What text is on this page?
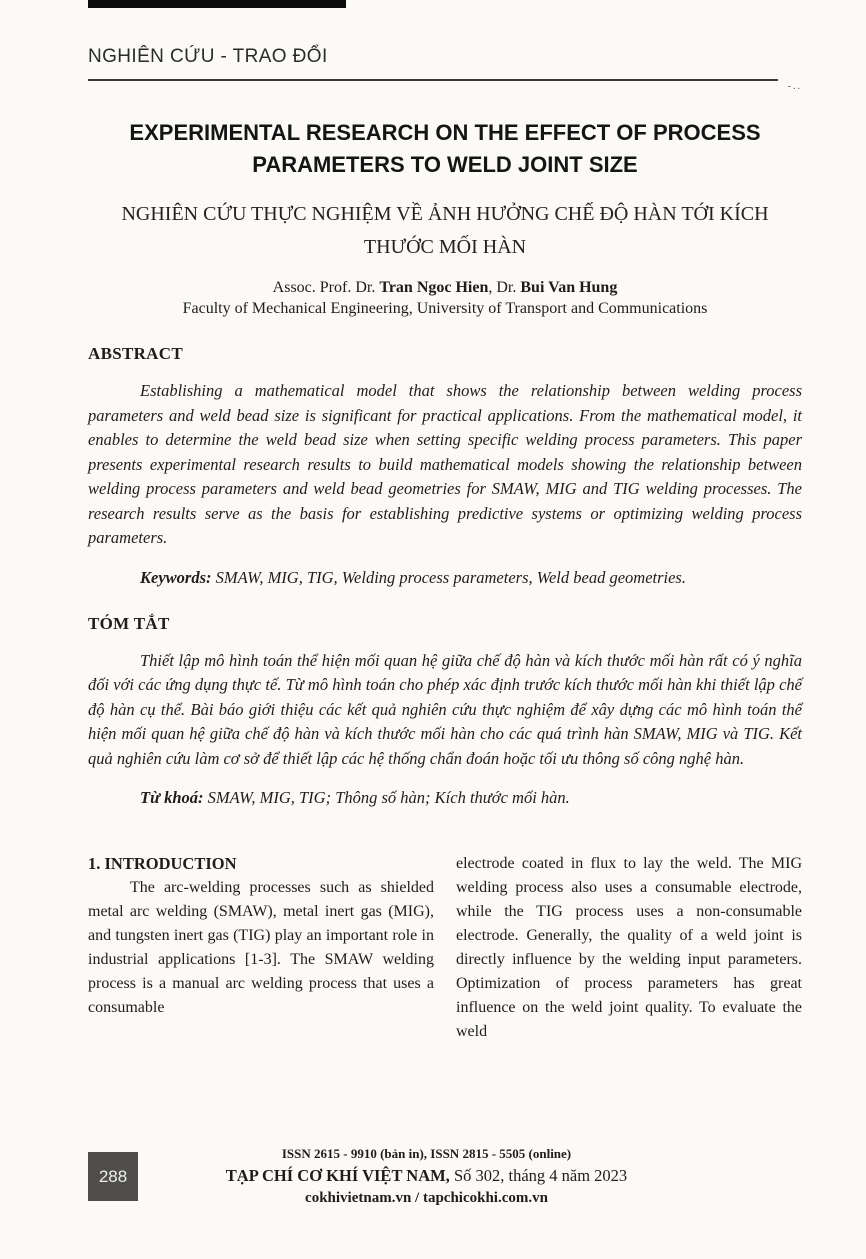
NGHIÊN CỨU - TRAO ĐỔI
-..
EXPERIMENTAL RESEARCH ON THE EFFECT OF PROCESS PARAMETERS TO WELD JOINT SIZE
NGHIÊN CỨU THỰC NGHIỆM VỀ ẢNH HƯỞNG CHẾ ĐỘ HÀN TỚI KÍCH THƯỚC MỐI HÀN
Assoc. Prof. Dr. Tran Ngoc Hien, Dr. Bui Van Hung
Faculty of Mechanical Engineering, University of Transport and Communications
ABSTRACT

Establishing a mathematical model that shows the relationship between welding process parameters and weld bead size is significant for practical applications. From the mathematical model, it enables to determine the weld bead size when setting specific welding process parameters. This paper presents experimental research results to build mathematical models showing the relationship between welding process parameters and weld bead geometries for SMAW, MIG and TIG welding processes. The research results serve as the basis for establishing predictive systems or optimizing welding process parameters.

Keywords: SMAW, MIG, TIG, Welding process parameters, Weld bead geometries.
TÓM TẮT

Thiết lập mô hình toán thể hiện mối quan hệ giữa chế độ hàn và kích thước mối hàn rất có ý nghĩa đối với các ứng dụng thực tế. Từ mô hình toán cho phép xác định trước kích thước mối hàn khi thiết lập chế độ hàn cụ thể. Bài báo giới thiệu các kết quả nghiên cứu thực nghiệm để xây dựng các mô hình toán thể hiện mối quan hệ giữa chế độ hàn và kích thước mối hàn cho các quá trình hàn SMAW, MIG và TIG. Kết quả nghiên cứu làm cơ sở để thiết lập các hệ thống chẩn đoán hoặc tối ưu thông số công nghệ hàn.

Từ khoá: SMAW, MIG, TIG; Thông số hàn; Kích thước mối hàn.

1. INTRODUCTION

The arc-welding processes such as shielded metal arc welding (SMAW), metal inert gas (MIG), and tungsten inert gas (TIG) play an important role in industrial applications [1-3]. The SMAW welding process is a manual arc welding process that uses a consumable

electrode coated in flux to lay the weld. The MIG welding process also uses a consumable electrode, while the TIG process uses a non-consumable electrode. Generally, the quality of a weld joint is directly influence by the welding input parameters. Optimization of process parameters has great influence on the weld joint quality. To evaluate the weld

288
ISSN 2615 - 9910 (bản in), ISSN 2815 - 5505 (online)
TẠP CHÍ CƠ KHÍ VIỆT NAM, Số 302, tháng 4 năm 2023
cokhivietnam.vn / tapchicokhi.com.vn
